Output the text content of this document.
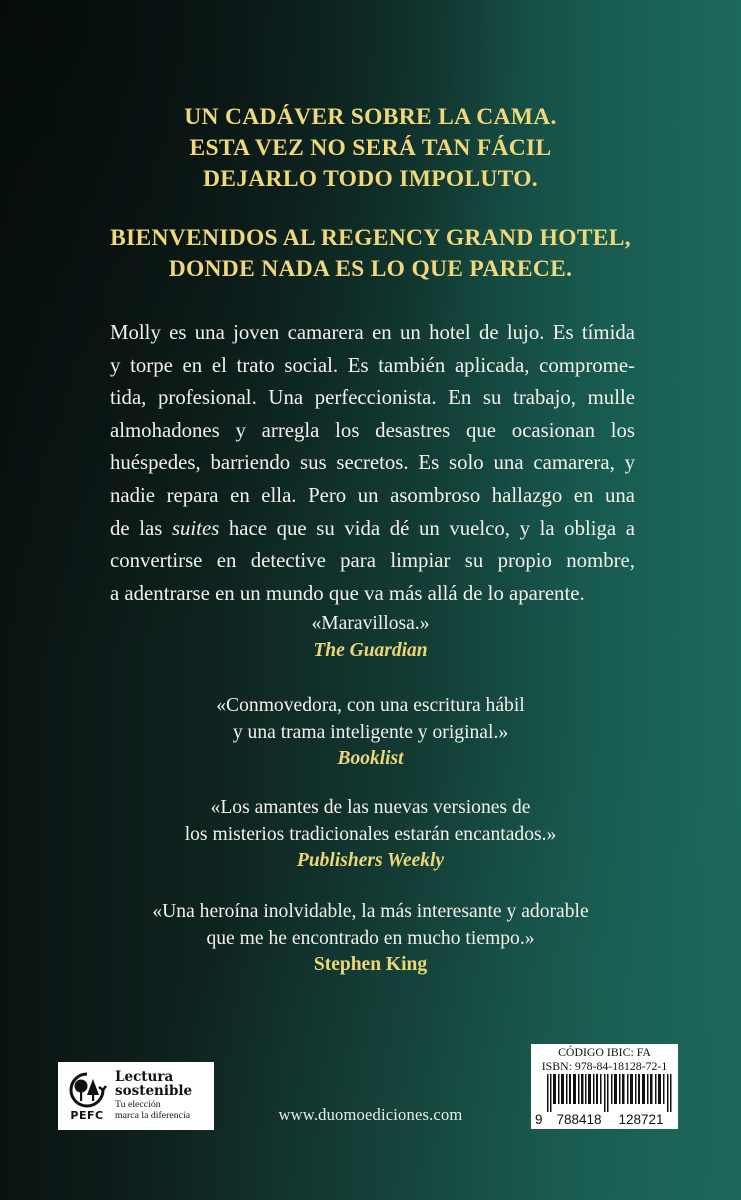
UN CADÁVER SOBRE LA CAMA.
ESTA VEZ NO SERÁ TAN FÁCIL
DEJARLO TODO IMPOLUTO.
BIENVENIDOS AL REGENCY GRAND HOTEL,
DONDE NADA ES LO QUE PARECE.
Molly es una joven camarera en un hotel de lujo. Es tímida
y torpe en el trato social. Es también aplicada, comprome-
tida, profesional. Una perfeccionista. En su trabajo, mulle
almohadones y arregla los desastres que ocasionan los
huéspedes, barriendo sus secretos. Es solo una camarera, y
nadie repara en ella. Pero un asombroso hallazgo en una
de las suites hace que su vida dé un vuelco, y la obliga a
convertirse en detective para limpiar su propio nombre,
a adentrarse en un mundo que va más allá de lo aparente.
«Maravillosa.»
The Guardian
«Conmovedora, con una escritura hábil
y una trama inteligente y original.»
Booklist
«Los amantes de las nuevas versiones de
los misterios tradicionales estarán encantados.»
Publishers Weekly
«Una heroína inolvidable, la más interesante y adorable
que me he encontrado en mucho tiempo.»
Stephen King
PEFC
Lectura
sostenible
Tu elección
marca la diferencia	www.duomoediciones.com
CÓDIGO IBIC: FA
ISBN: 978-84-18128-72-1
9	788418	128721
